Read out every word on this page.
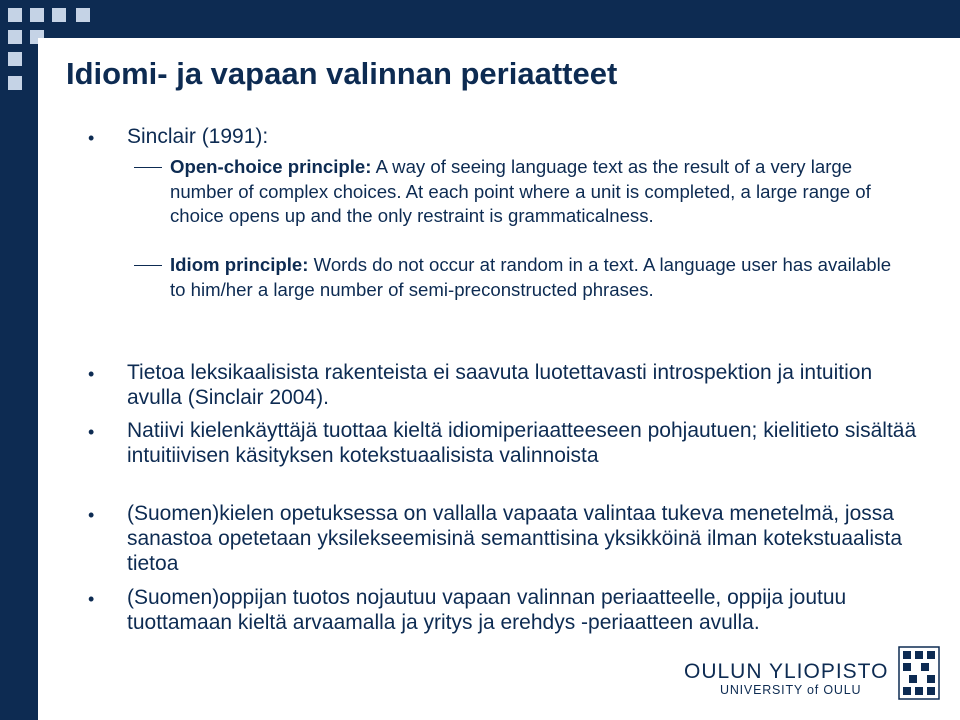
Idiomi- ja vapaan valinnan periaatteet
•	Sinclair (1991):
Open-choice principle: A way of seeing language text as the result of a very large number of complex choices. At each point where a unit is completed, a large range of choice opens up and the only restraint is grammaticalness.
Idiom principle: Words do not occur at random in a text. A language user has available to him/her a large number of semi-preconstructed phrases.
•	Tietoa leksikaalisista rakenteista ei saavuta luotettavasti introspektion ja intuition avulla (Sinclair 2004).
•	Natiivi kielenkäyttäjä tuottaa kieltä idiomiperiaatteeseen pohjautuen; kielitieto sisältää intuitiivisen käsityksen kotekstuaalisista valinnoista
•	(Suomen)kielen opetuksessa on vallalla vapaata valintaa tukeva menetelmä, jossa sanastoa opetetaan yksilekseemisinä semanttisina yksikköinä ilman kotekstuaalista tietoa
•	(Suomen)oppijan tuotos nojautuu vapaan valinnan periaatteelle, oppija joutuu tuottamaan kieltä arvaamalla ja yritys ja erehdys -periaatteen avulla.
OULUN YLIOPISTO
UNIVERSITY of OULU
